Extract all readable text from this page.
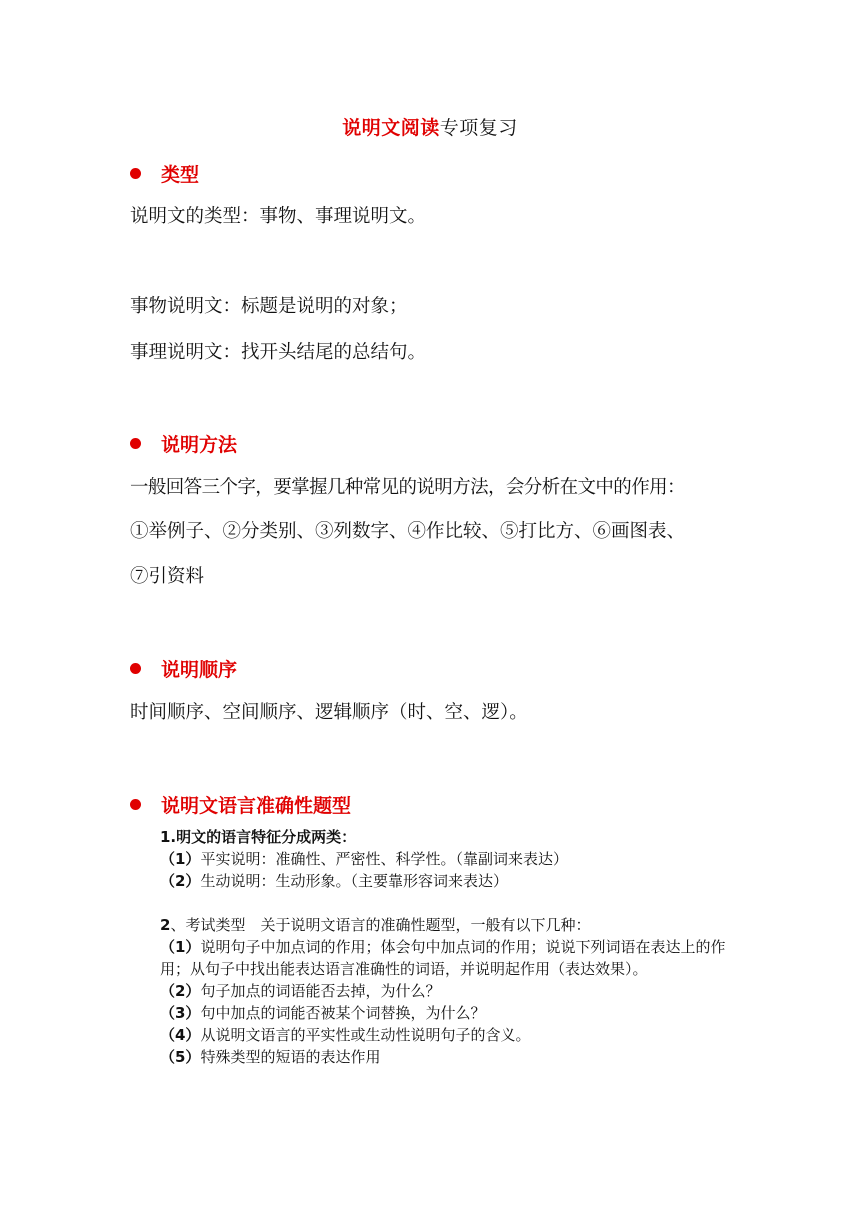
说明文阅读专项复习
类型
说明文的类型：事物、事理说明文。
事物说明文：标题是说明的对象；
事理说明文：找开头结尾的总结句。
说明方法
一般回答三个字，要掌握几种常见的说明方法，会分析在文中的作用：
①举例子、②分类别、③列数字、④作比较、⑤打比方、⑥画图表、
⑦引资料
说明顺序
时间顺序、空间顺序、逻辑顺序（时、空、逻）。
说明文语言准确性题型
1.明文的语言特征分成两类：
（1）平实说明：准确性、严密性、科学性。（靠副词来表达）
（2）生动说明：生动形象。（主要靠形容词来表达）
2、考试类型　关于说明文语言的准确性题型，一般有以下几种：
（1）说明句子中加点词的作用；体会句中加点词的作用；说说下列词语在表达上的作用；从句子中找出能表达语言准确性的词语，并说明起作用（表达效果）。
（2）句子加点的词语能否去掉，为什么？
（3）句中加点的词能否被某个词替换，为什么？
（4）从说明文语言的平实性或生动性说明句子的含义。
（5）特殊类型的短语的表达作用
